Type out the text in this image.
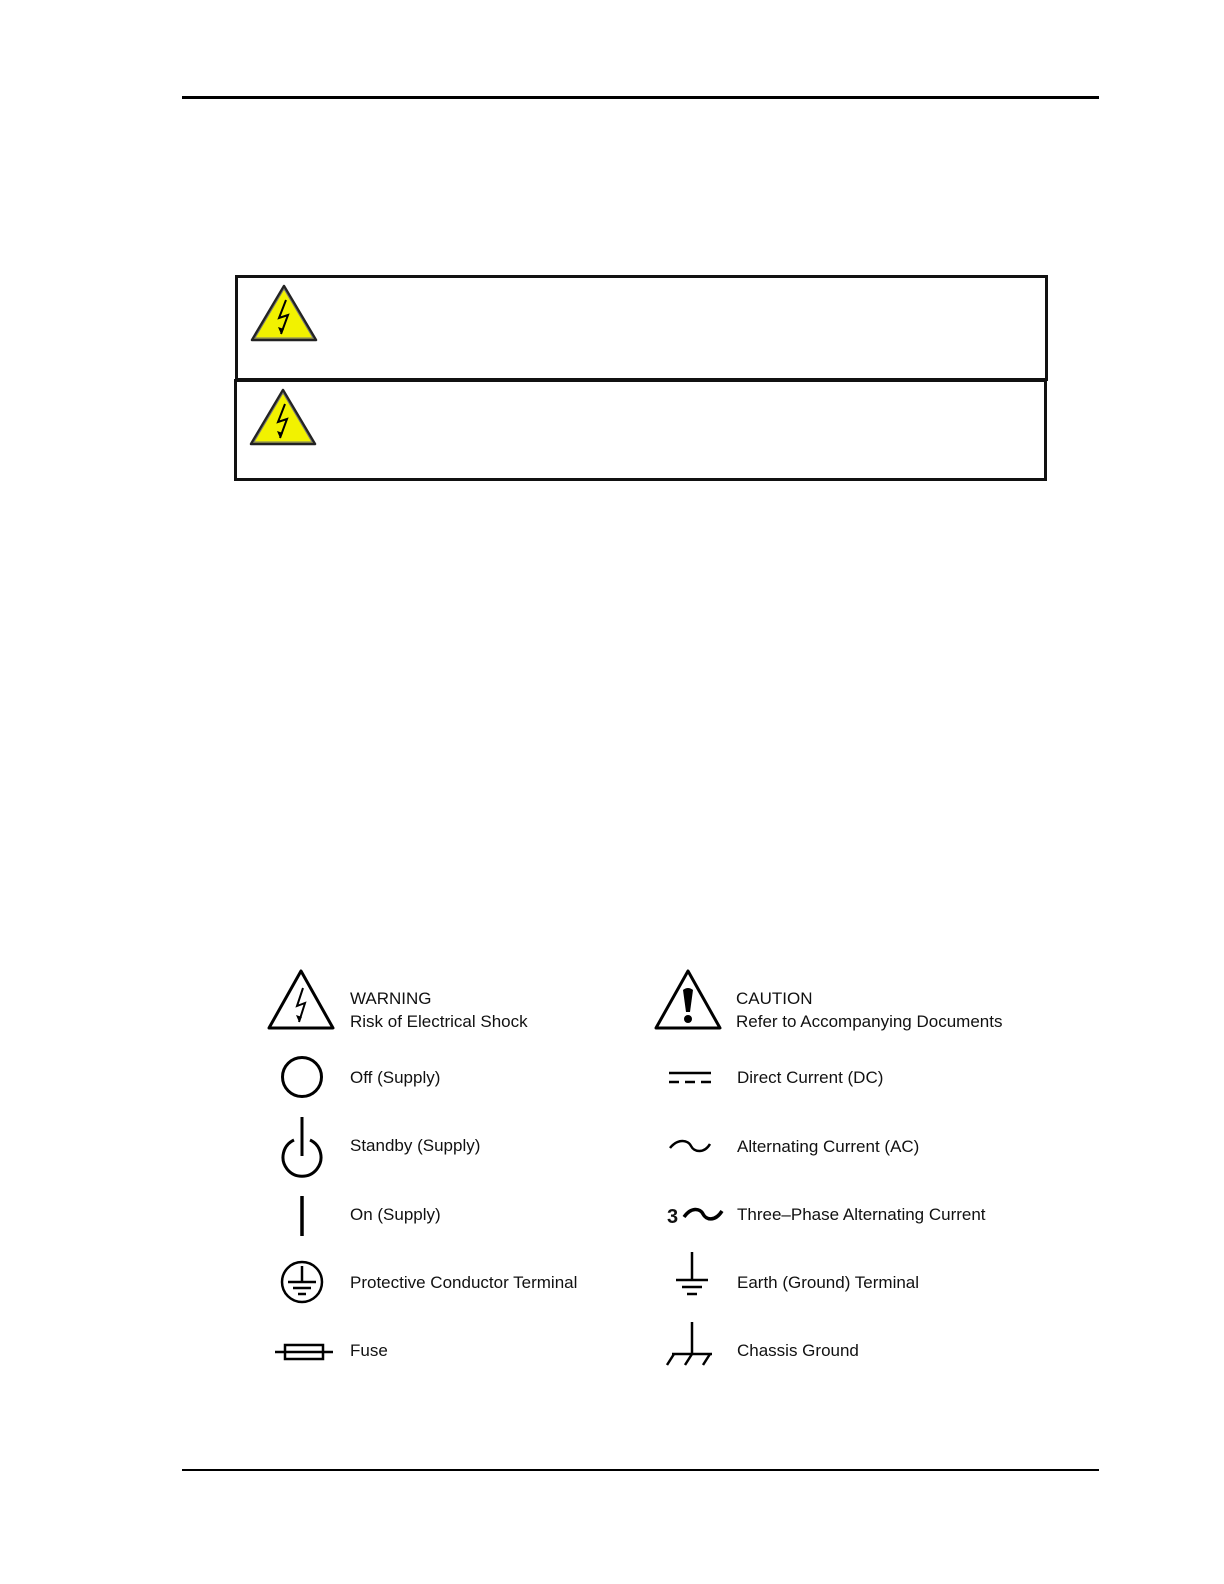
WARNING
Risk of Electrical Shock
CAUTION
Refer to Accompanying Documents
Off (Supply)
Standby (Supply)
On (Supply)
Protective Conductor Terminal
Fuse
Direct Current (DC)
Alternating Current (AC)
3	Three–Phase Alternating Current
Earth (Ground) Terminal
Chassis Ground
